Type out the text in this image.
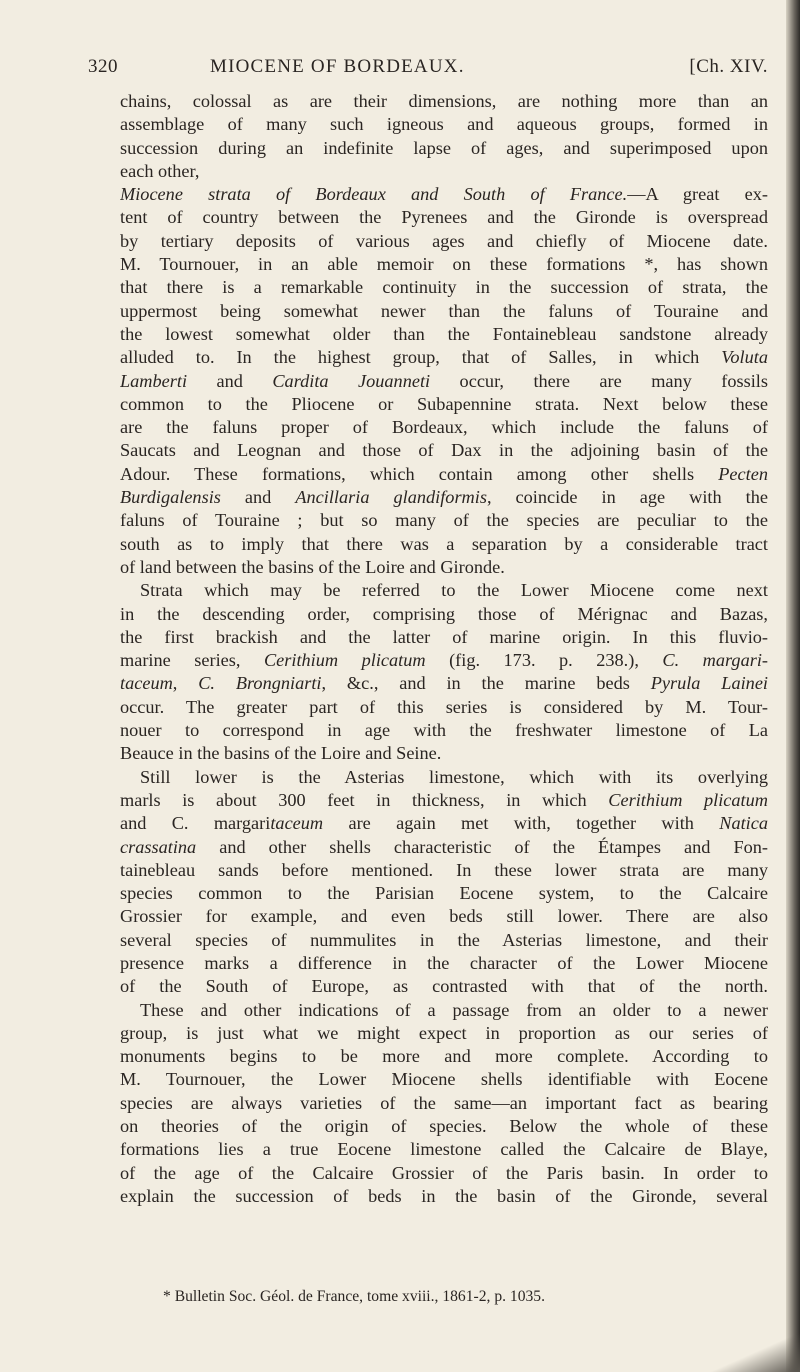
320	MIOCENE OF BORDEAUX.	[Ch. XIV.
chains, colossal as are their dimensions, are nothing more than an
assemblage of many such igneous and aqueous groups, formed in
succession during an indefinite lapse of ages, and superimposed upon
each other,
Miocene strata of Bordeaux and South of France.—A great ex-
tent of country between the Pyrenees and the Gironde is overspread
by tertiary deposits of various ages and chiefly of Miocene date.
M. Tournouer, in an able memoir on these formations *, has shown
that there is a remarkable continuity in the succession of strata, the
uppermost being somewhat newer than the faluns of Touraine and
the lowest somewhat older than the Fontainebleau sandstone already
alluded to. In the highest group, that of Salles, in which Voluta
Lamberti and Cardita Jouanneti occur, there are many fossils
common to the Pliocene or Subapennine strata. Next below these
are the faluns proper of Bordeaux, which include the faluns of
Saucats and Leognan and those of Dax in the adjoining basin of the
Adour. These formations, which contain among other shells Pecten
Burdigalensis and Ancillaria glandiformis, coincide in age with the
faluns of Touraine ; but so many of the species are peculiar to the
south as to imply that there was a separation by a considerable tract
of land between the basins of the Loire and Gironde.
Strata which may be referred to the Lower Miocene come next
in the descending order, comprising those of Mérignac and Bazas,
the first brackish and the latter of marine origin. In this fluvio-
marine series, Cerithium plicatum (fig. 173. p. 238.), C. margari-
taceum, C. Brongniarti, &c., and in the marine beds Pyrula Lainei
occur. The greater part of this series is considered by M. Tour-
nouer to correspond in age with the freshwater limestone of La
Beauce in the basins of the Loire and Seine.
Still lower is the Asterias limestone, which with its overlying
marls is about 300 feet in thickness, in which Cerithium plicatum
and C. margaritaceum are again met with, together with Natica
crassatina and other shells characteristic of the Étampes and Fon-
tainebleau sands before mentioned. In these lower strata are many
species common to the Parisian Eocene system, to the Calcaire
Grossier for example, and even beds still lower. There are also
several species of nummulites in the Asterias limestone, and their
presence marks a difference in the character of the Lower Miocene
of the South of Europe, as contrasted with that of the north.
These and other indications of a passage from an older to a newer
group, is just what we might expect in proportion as our series of
monuments begins to be more and more complete. According to
M. Tournouer, the Lower Miocene shells identifiable with Eocene
species are always varieties of the same—an important fact as bearing
on theories of the origin of species. Below the whole of these
formations lies a true Eocene limestone called the Calcaire de Blaye,
of the age of the Calcaire Grossier of the Paris basin. In order to
explain the succession of beds in the basin of the Gironde, several
* Bulletin Soc. Géol. de France, tome xviii., 1861-2, p. 1035.
